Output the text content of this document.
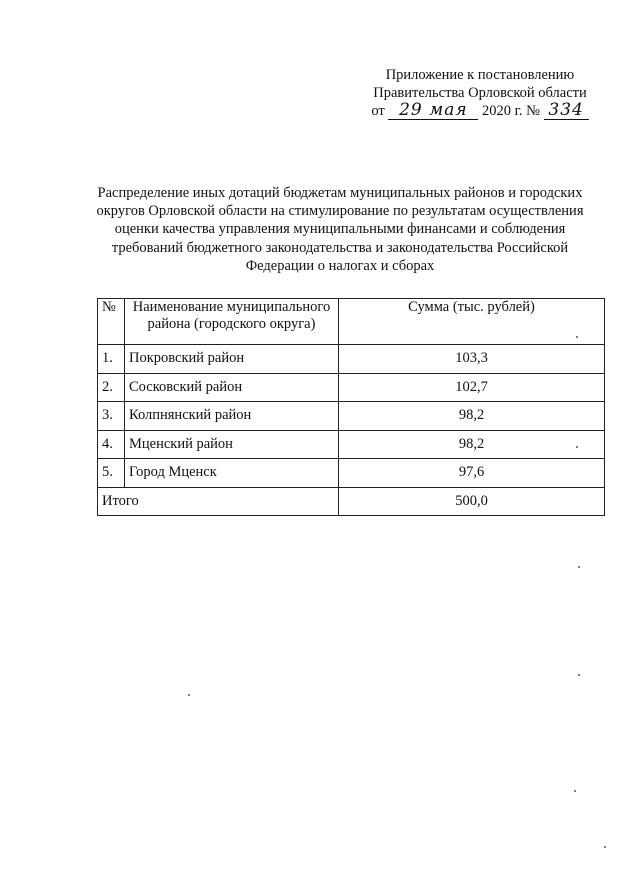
Приложение к постановлению
Правительства Орловской области
от 29 мая 2020 г. № 334
Распределение иных дотаций бюджетам муниципальных районов и городских округов Орловской области на стимулирование по результатам осуществления оценки качества управления муниципальными финансами и соблюдения требований бюджетного законодательства и законодательства Российской Федерации о налогах и сборах
№	Наименование муниципального района (городского округа)	Сумма (тыс. рублей)
1.	Покровский район	103,3
2.	Сосковский район	102,7
3.	Колпнянский район	98,2
4.	Мценский район	98,2
5.	Город Мценск	97,6
Итого		500,0
